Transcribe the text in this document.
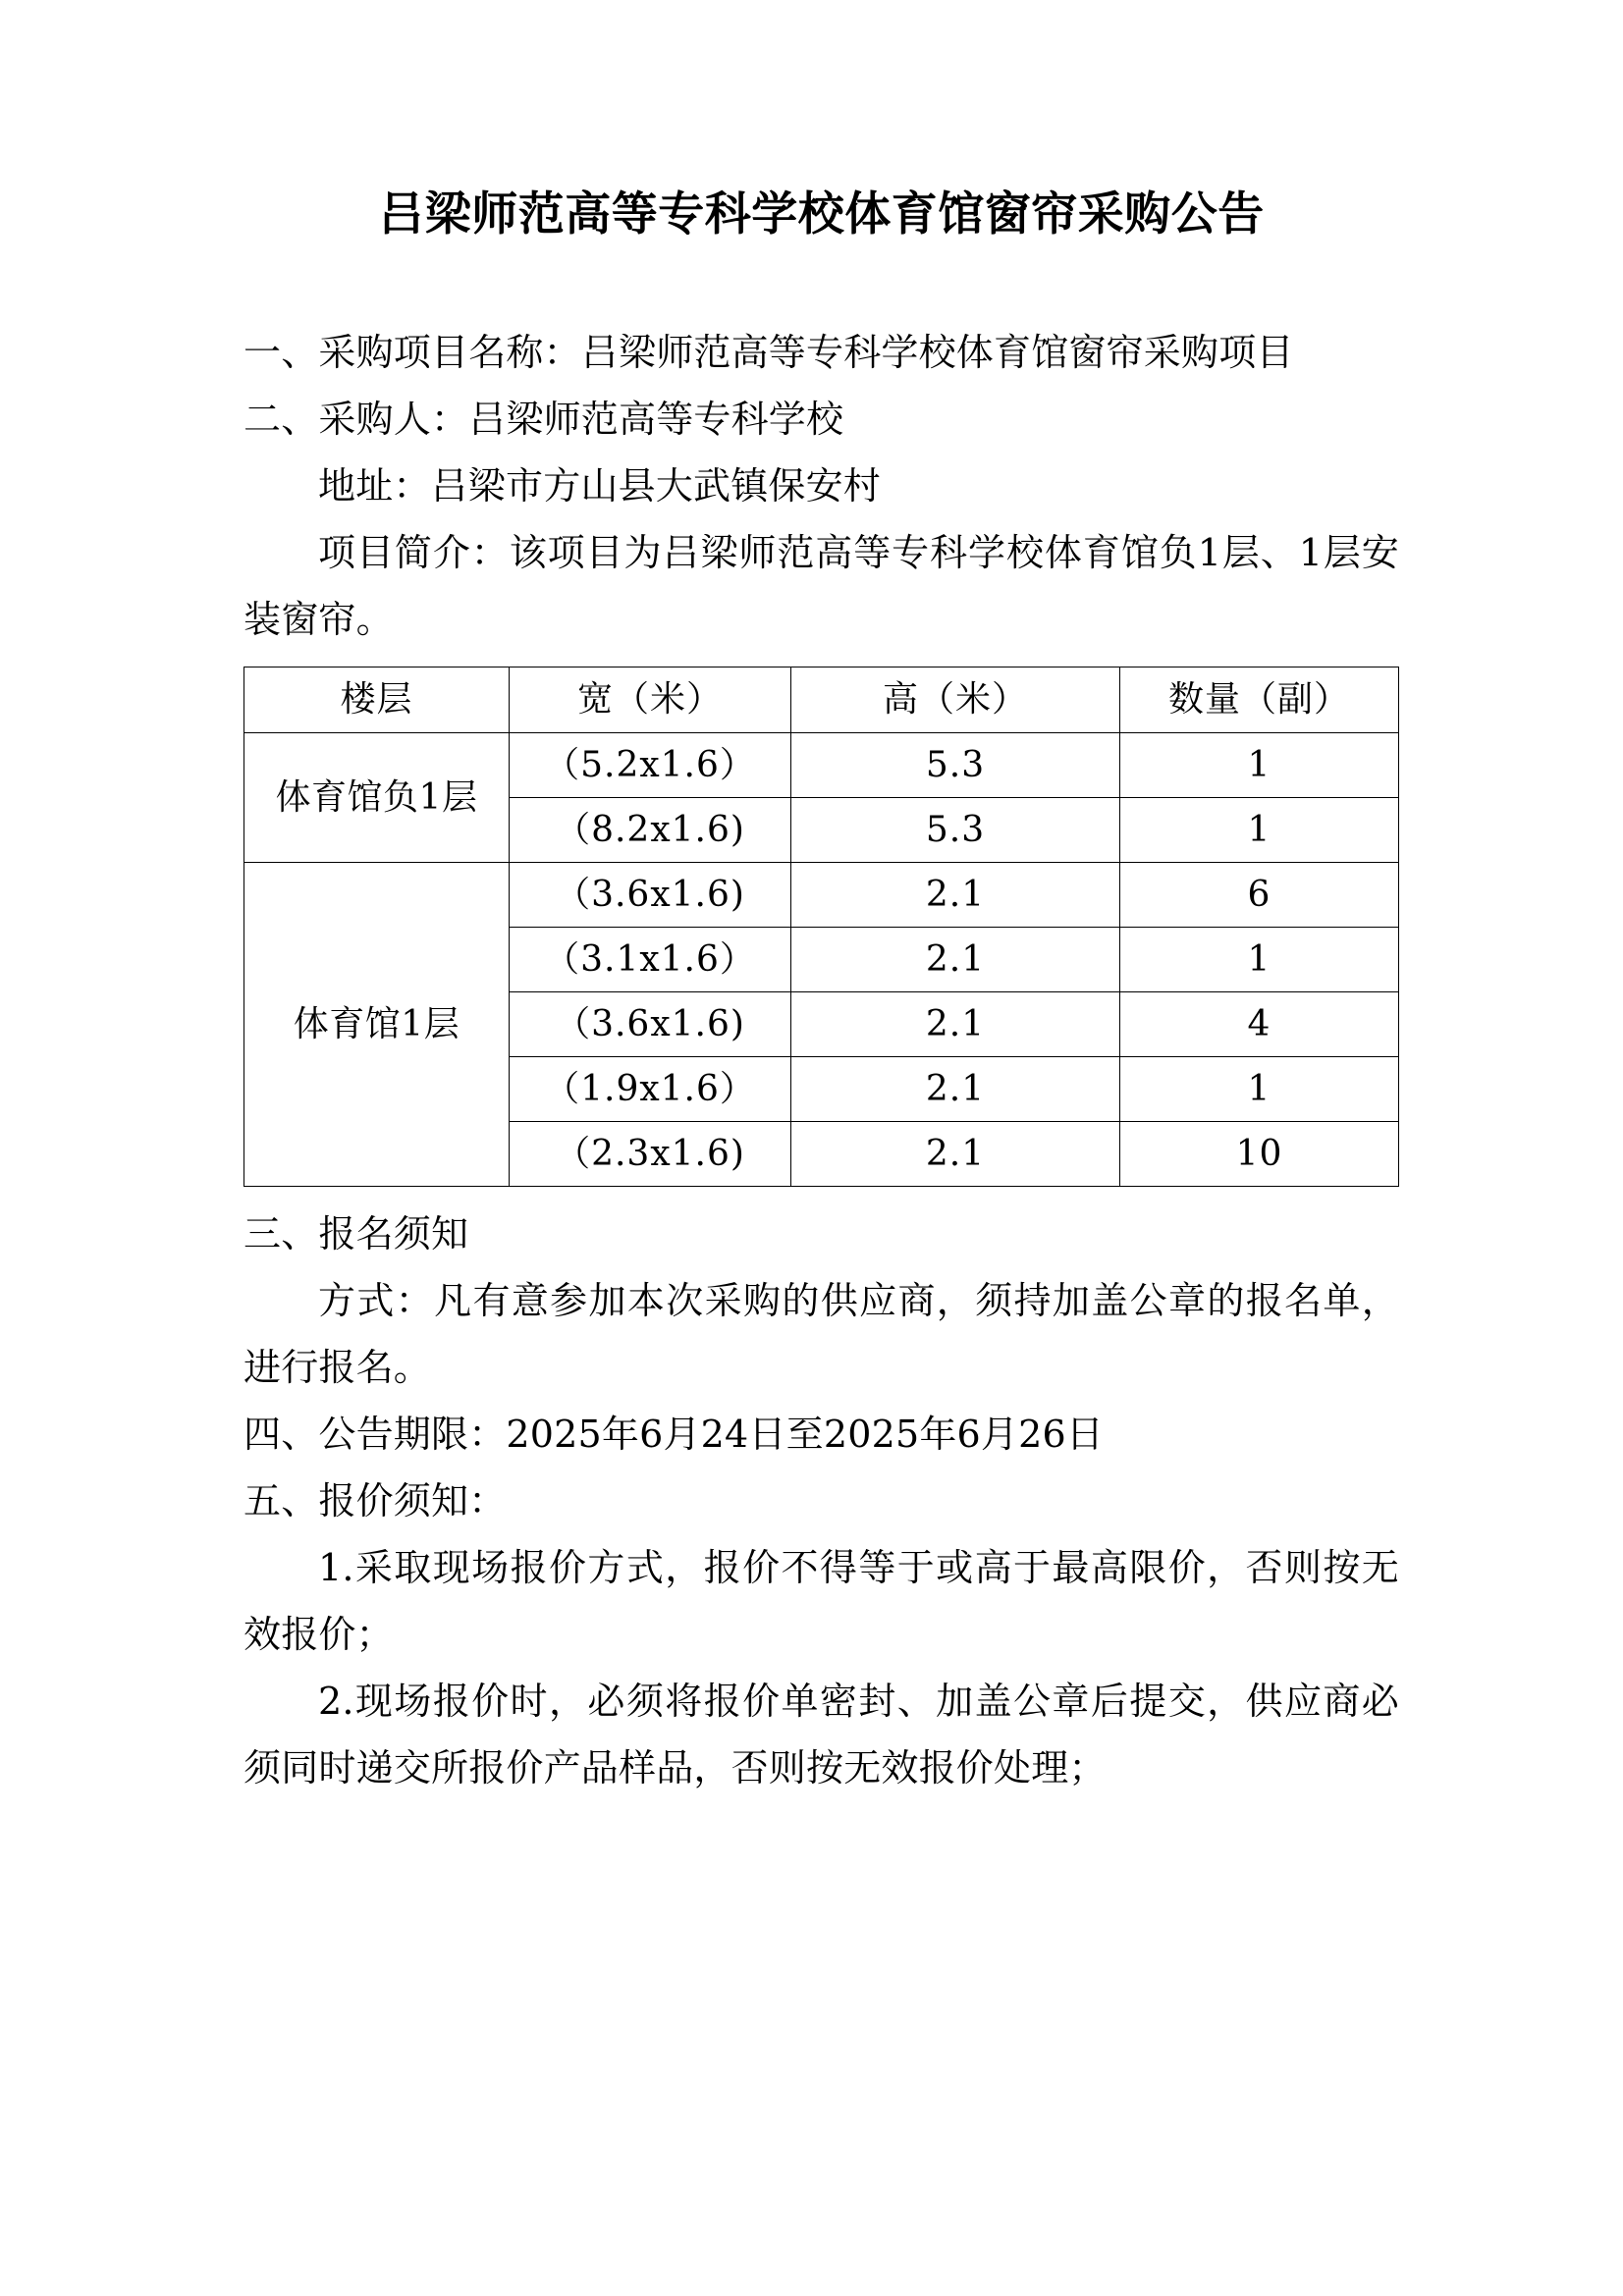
吕梁师范高等专科学校体育馆窗帘采购公告

一、采购项目名称：吕梁师范高等专科学校体育馆窗帘采购项目

二、采购人：吕梁师范高等专科学校

地址：吕梁市方山县大武镇保安村

项目简介：该项目为吕梁师范高等专科学校体育馆负1层、1层安装窗帘。

楼层	宽（米）	高（米）	数量（副）
体育馆负1层	（5.2x1.6）	5.3	1
	（8.2x1.6)	5.3	1
体育馆1层	（3.6x1.6)	2.1	6
	（3.1x1.6）	2.1	1
	（3.6x1.6)	2.1	4
	（1.9x1.6）	2.1	1
	（2.3x1.6)	2.1	10

三、报名须知

方式：凡有意参加本次采购的供应商，须持加盖公章的报名单，进行报名。

四、公告期限：2025年6月24日至2025年6月26日

五、报价须知：

1.采取现场报价方式，报价不得等于或高于最高限价，否则按无效报价；

2.现场报价时，必须将报价单密封、加盖公章后提交，供应商必须同时递交所报价产品样品，否则按无效报价处理；
